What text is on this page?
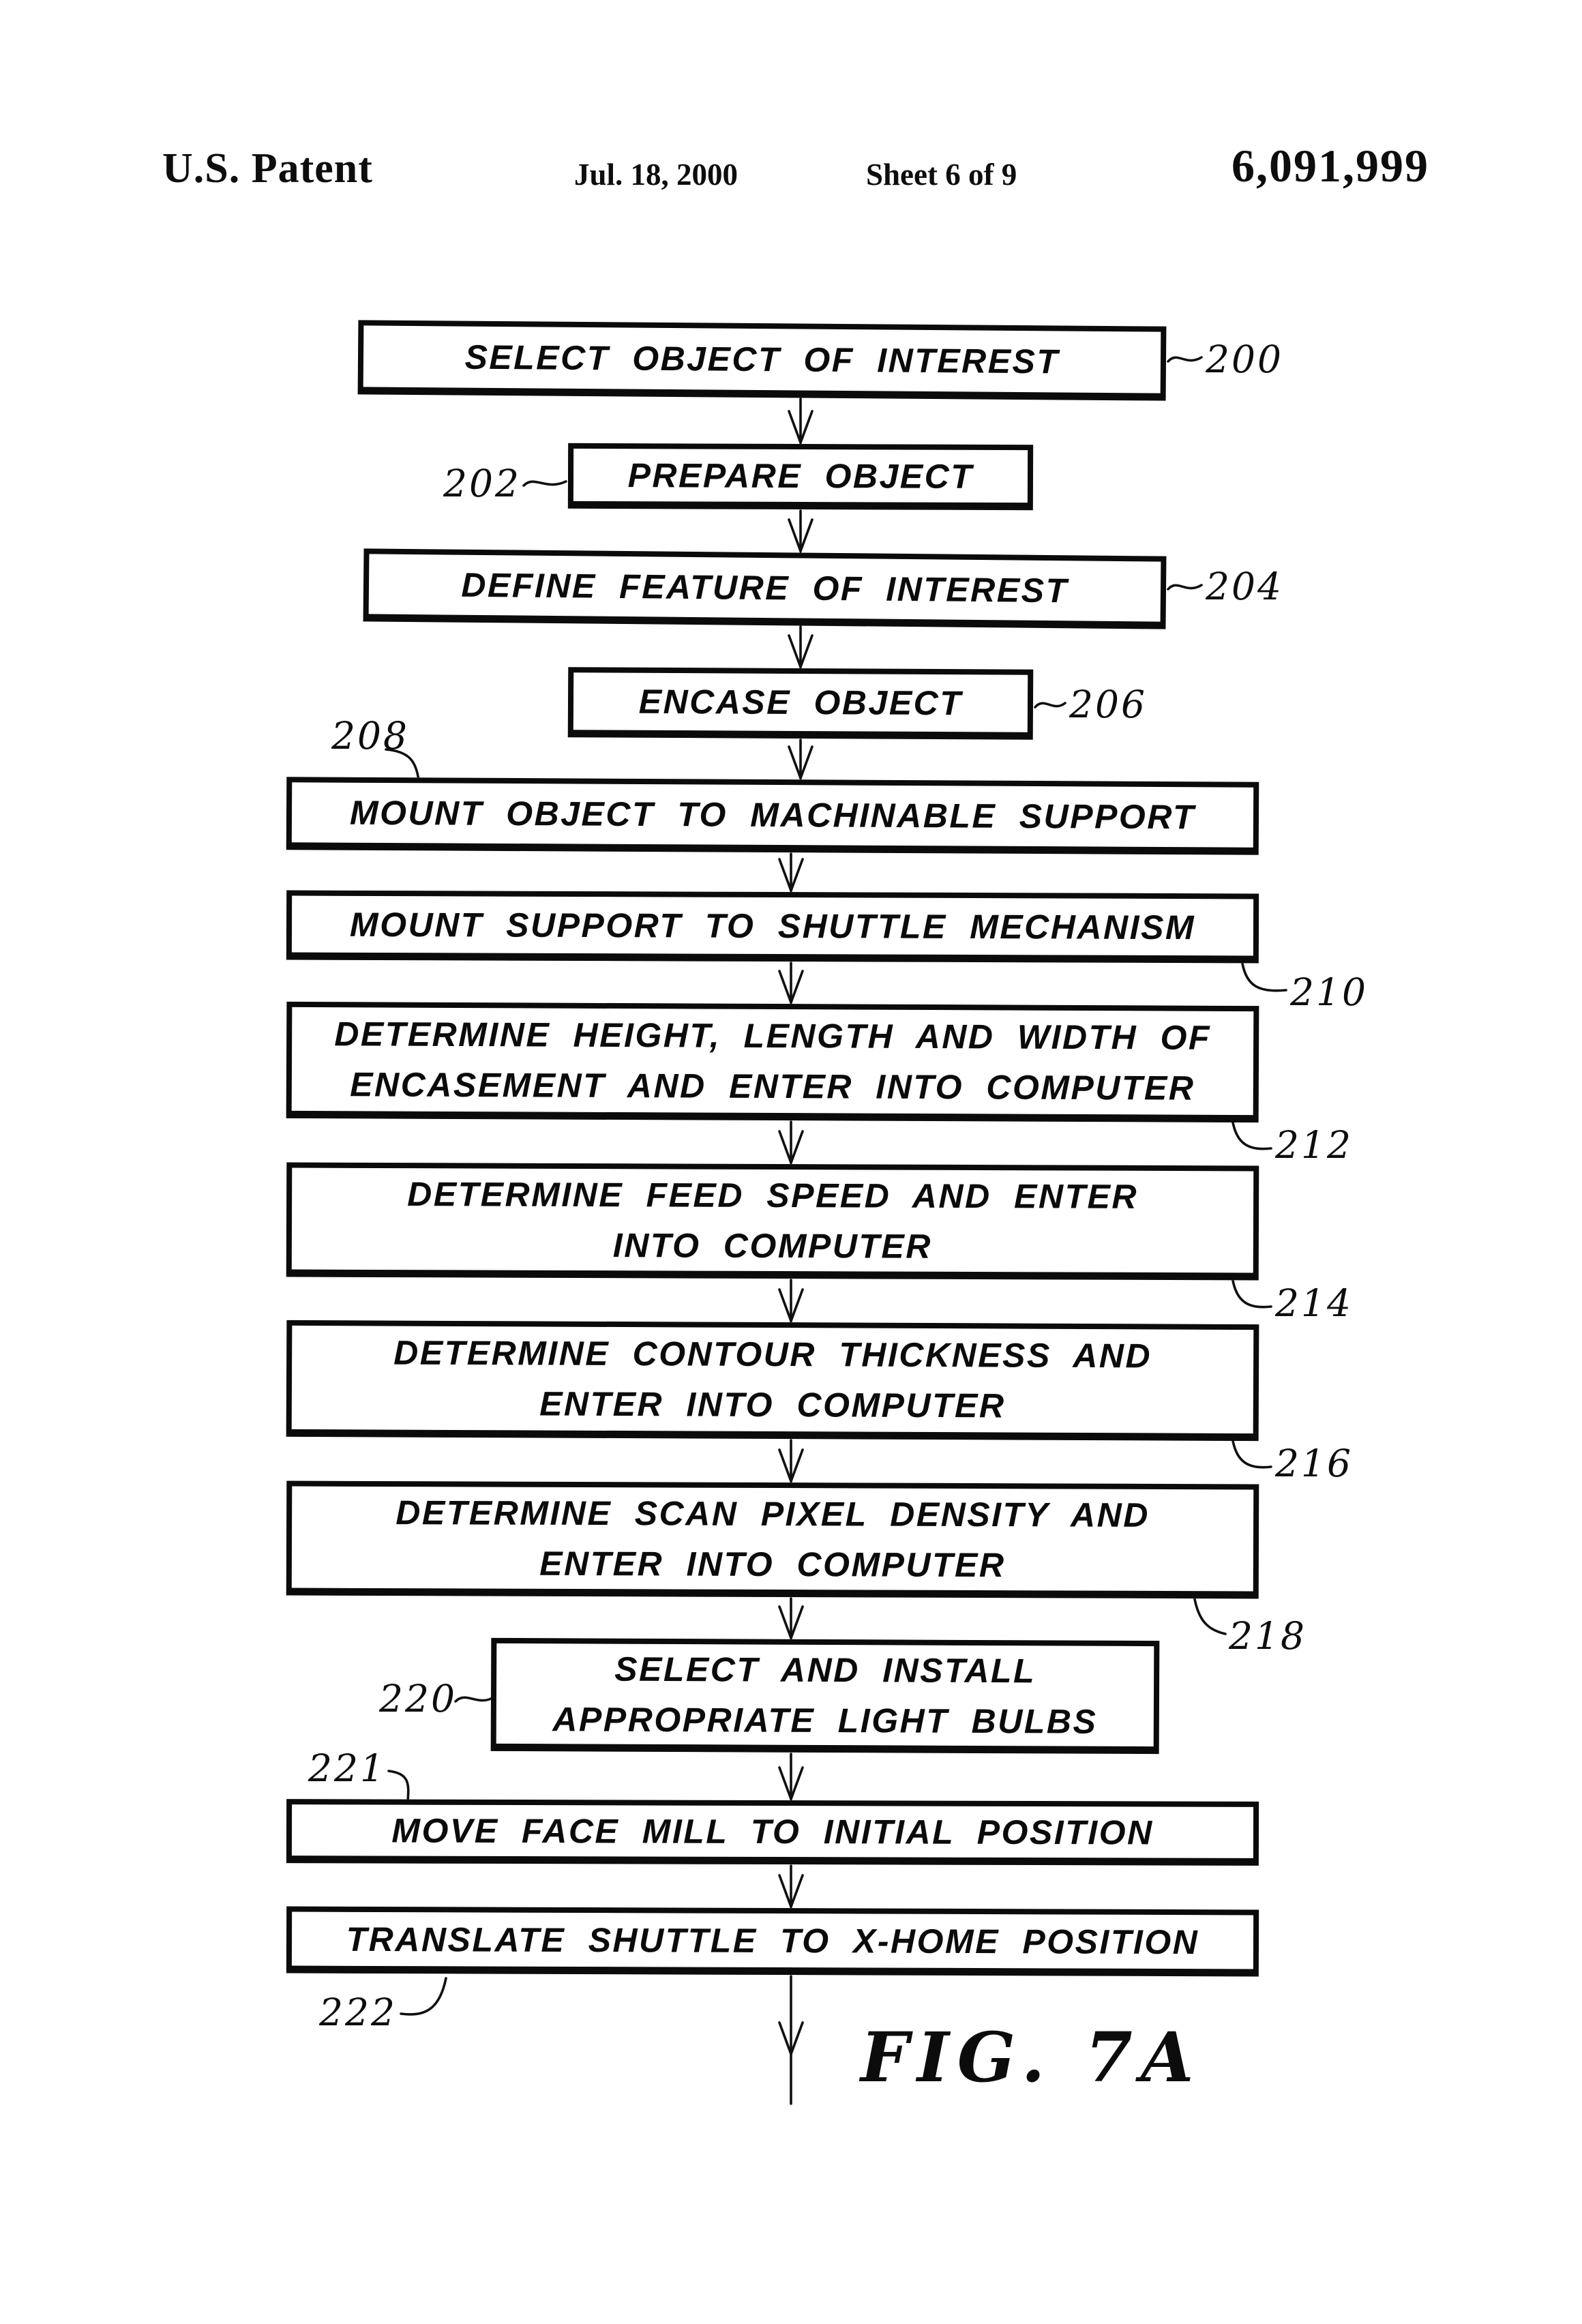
U.S. Patent	Jul. 18, 2000	Sheet 6 of 9	6,091,999
SELECT OBJECT OF INTEREST
PREPARE OBJECT
DEFINE FEATURE OF INTEREST
ENCASE OBJECT
MOUNT OBJECT TO MACHINABLE SUPPORT
MOUNT SUPPORT TO SHUTTLE MECHANISM
DETERMINE HEIGHT, LENGTH AND WIDTH OF
ENCASEMENT AND ENTER INTO COMPUTER
DETERMINE FEED SPEED AND ENTER
INTO COMPUTER
DETERMINE CONTOUR THICKNESS AND
ENTER INTO COMPUTER
DETERMINE SCAN PIXEL DENSITY AND
ENTER INTO COMPUTER
SELECT AND INSTALL
APPROPRIATE LIGHT BULBS
MOVE FACE MILL TO INITIAL POSITION
TRANSLATE SHUTTLE TO X-HOME POSITION
200
202
204
206
208
210
212
214
216
218
220
221
222
FIG. 7A
